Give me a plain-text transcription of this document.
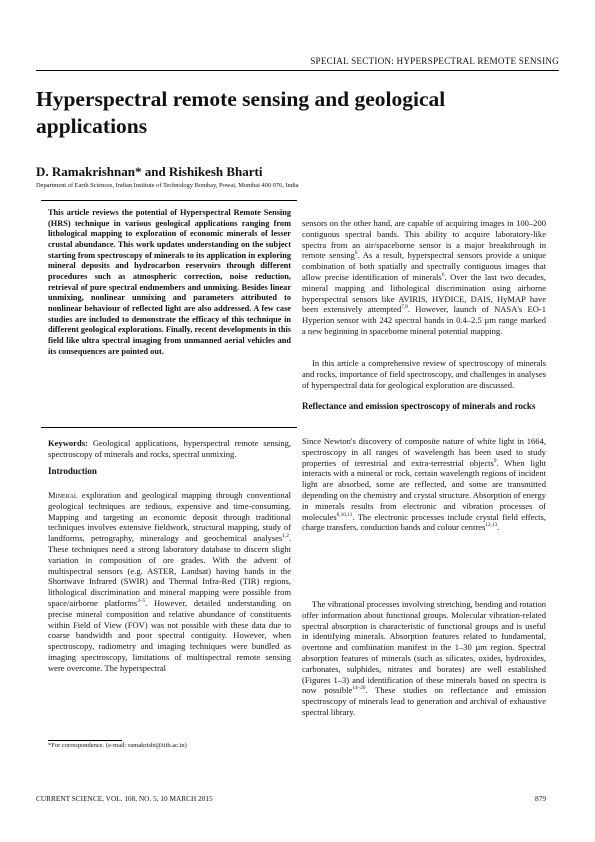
SPECIAL SECTION: HYPERSPECTRAL REMOTE SENSING
Hyperspectral remote sensing and geological applications
D. Ramakrishnan* and Rishikesh Bharti
Department of Earth Sciences, Indian Institute of Technology Bombay, Powai, Mumbai 400 076, India

This article reviews the potential of Hyperspectral Remote Sensing (HRS) technique in various geological applications ranging from lithological mapping to exploration of economic minerals of lesser crustal abundance. This work updates understanding on the subject starting from spectroscopy of minerals to its application in exploring mineral deposits and hydrocarbon reservoirs through different procedures such as atmospheric correction, noise reduction, retrieval of pure spectral endmembers and unmixing. Besides linear unmixing, nonlinear unmixing and parameters attributed to nonlinear behaviour of reflected light are also addressed. A few case studies are included to demonstrate the efficacy of this technique in different geological explorations. Finally, recent developments in this field like ultra spectral imaging from unmanned aerial vehicles and its consequences are pointed out.

Keywords: Geological applications, hyperspectral remote sensing, spectroscopy of minerals and rocks, spectral unmixing.

Introduction

Mineral exploration and geological mapping through conventional geological techniques are tedious, expensive and time-consuming. Mapping and targeting an economic deposit through traditional techniques involves extensive fieldwork, structural mapping, study of landforms, petrography, mineralogy and geochemical analyses$^{1,2}$. These techniques need a strong laboratory database to discern slight variation in composition of ore grades. With the advent of multispectral sensors (e.g. ASTER, Landsat) having bands in the Shortwave Infrared (SWIR) and Thermal Infra-Red (TIR) regions, lithological discrimination and mineral mapping were possible from space/airborne platforms$^{3-5}$. However, detailed understanding on precise mineral composition and relative abundance of constituents within Field of View (FOV) was not possible with these data due to coarse bandwidth and poor spectral contiguity. However, when spectroscopy, radiometry and imaging techniques were bundled as imaging spectroscopy, limitations of multispectral remote sensing were overcome. The hyperspectral

*For correspondence. (e-mail: ramakrishi@iitb.ac.in)

sensors on the other hand, are capable of acquiring images in 100–200 contiguous spectral bands. This ability to acquire laboratory-like spectra from an air/spaceborne sensor is a major breakthrough in remote sensing$^6$. As a result, hyperspectral sensors provide a unique combination of both spatially and spectrally contiguous images that allow precise identification of minerals$^6$. Over the last two decades, mineral mapping and lithological discrimination using airborne hyperspectral sensors like AVIRIS, HYDICE, DAIS, HyMAP have been extensively attempted$^{7,8}$. However, launch of NASA's EO-1 Hyperion sensor with 242 spectral bands in 0.4–2.5 µm range marked a new beginning in spaceborne mineral potential mapping.

In this article a comprehensive review of spectroscopy of minerals and rocks, importance of field spectroscopy, and challenges in analyses of hyperspectral data for geological exploration are discussed.

Reflectance and emission spectroscopy of minerals and rocks

Since Newton's discovery of composite nature of white light in 1664, spectroscopy in all ranges of wavelength has been used to study properties of terrestrial and extra-terrestrial objects$^9$. When light interacts with a mineral or rock, certain wavelength regions of incident light are absorbed, some are reflected, and some are transmitted depending on the chemistry and crystal structure. Absorption of energy in minerals results from electronic and vibration processes of molecules$^{6,10,11}$. The electronic processes include crystal field effects, charge transfers, conduction bands and colour centres$^{12,13}$.

The vibrational processes involving stretching, bending and rotation offer information about functional groups. Molecular vibration-related spectral absorption is characteristic of functional groups and is useful in identifying minerals. Absorption features related to fundamental, overtone and combination manifest in the 1–30 µm region. Spectral absorption features of minerals (such as silicates, oxides, hydroxides, carbonates, sulphides, nitrates and borates) are well established (Figures 1–3) and identification of these minerals based on spectra is now possible$^{14-20}$. These studies on reflectance and emission spectroscopy of minerals lead to generation and archival of exhaustive spectral library.

CURRENT SCIENCE, VOL. 108, NO. 5, 10 MARCH 2015	879
